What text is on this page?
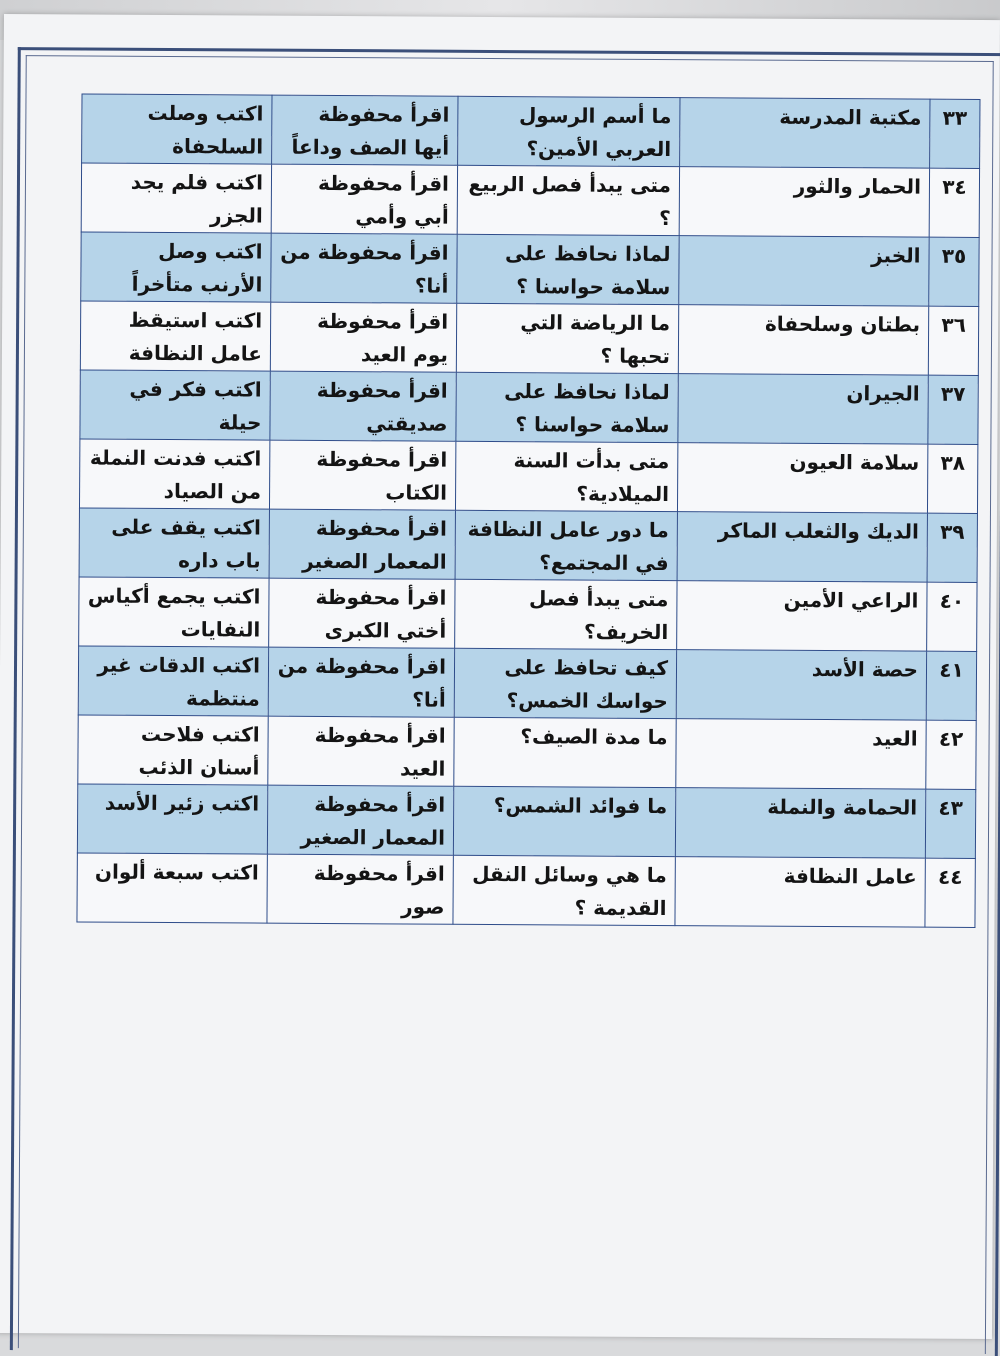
٣٣	مكتبة المدرسة	ما أسم الرسول العربي الأمين؟	اقرأ محفوظة أيها الصف وداعاً	اكتب وصلت السلحفاة
٣٤	الحمار والثور	متى يبدأ فصل الربيع ؟	اقرأ محفوظة أبي وأمي	اكتب فلم يجد الجزر
٣٥	الخبز	لماذا نحافظ على سلامة حواسنا ؟	اقرأ محفوظة من أنا؟	اكتب وصل الأرنب متأخراً
٣٦	بطتان وسلحفاة	ما الرياضة التي تحبها ؟	اقرأ محفوظة يوم العيد	اكتب استيقظ عامل النظافة
٣٧	الجيران	لماذا نحافظ على سلامة حواسنا ؟	اقرأ محفوظة صديقتي	اكتب فكر في حيلة
٣٨	سلامة العيون	متى بدأت السنة الميلادية؟	اقرأ محفوظة الكتاب	اكتب فدنت النملة من الصياد
٣٩	الديك والثعلب الماكر	ما دور عامل النظافة في المجتمع؟	اقرأ محفوظة المعمار الصغير	اكتب يقف على باب داره
٤٠	الراعي الأمين	متى يبدأ فصل الخريف؟	اقرأ محفوظة أختي الكبرى	اكتب يجمع أكياس النفايات
٤١	حصة الأسد	كيف تحافظ على حواسك الخمس؟	اقرأ محفوظة من أنا؟	اكتب الدقات غير منتظمة
٤٢	العيد	ما مدة الصيف؟	اقرأ محفوظة العيد	اكتب فلاحت أسنان الذئب
٤٣	الحمامة والنملة	ما فوائد الشمس؟	اقرأ محفوظة المعمار الصغير	اكتب زئير الأسد
٤٤	عامل النظافة	ما هي وسائل النقل القديمة ؟	اقرأ محفوظة صور	اكتب سبعة ألوان
